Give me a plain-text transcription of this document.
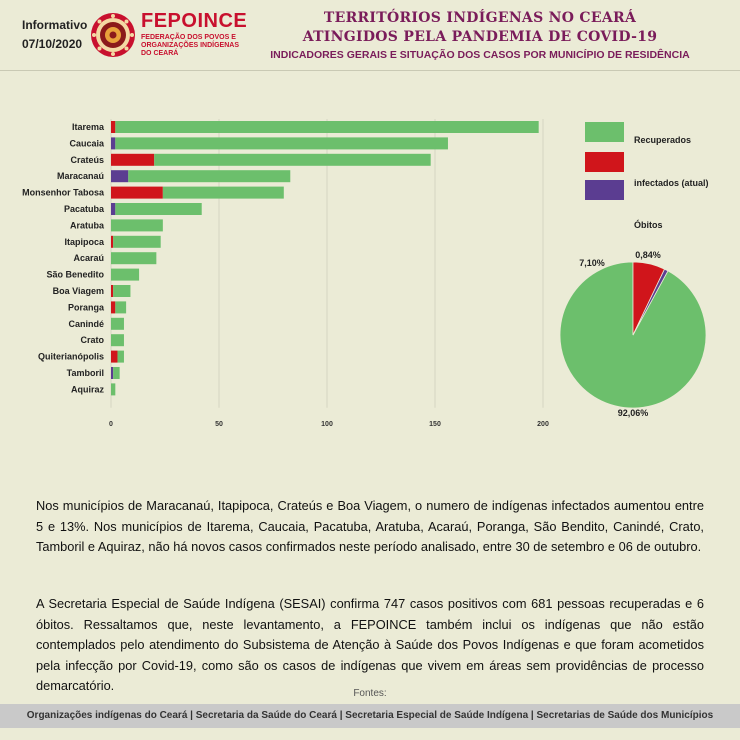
Informativo
07/10/2020
FEPOINCE
FEDERAÇÃO DOS POVOS E ORGANIZAÇÕES INDÍGENAS DO CEARÁ
TERRITÓRIOS INDÍGENAS NO CEARÁ
ATINGIDOS PELA PANDEMIA DE COVID-19
INDICADORES GERAIS E SITUAÇÃO DOS CASOS POR MUNICÍPIO DE RESIDÊNCIA
0	50	100	150	200
Itarema
Caucaia
Crateús
Maracanaú
Monsenhor Tabosa
Pacatuba
Aratuba
Itapipoca
Acaraú
São Benedito
Boa Viagem
Poranga
Canindé
Crato
Quiterianópolis
Tamboril
Aquiraz
Recuperados
infectados (atual)
Óbitos
92,06%
7,10%
0,84%
Nos municípios de Maracanaú, Itapipoca, Crateús e Boa Viagem, o numero de indígenas infectados aumentou entre 5 e 13%. Nos municípios de Itarema, Caucaia, Pacatuba, Aratuba, Acaraú, Poranga, São Bendito, Canindé, Crato, Tamboril e Aquiraz, não há novos casos confirmados neste período analisado, entre 30 de setembro e 06 de outubro.
A Secretaria Especial de Saúde Indígena (SESAI) confirma 747 casos positivos com 681 pessoas recuperadas e 6 óbitos. Ressaltamos que, neste levantamento, a FEPOINCE também inclui os indígenas que não estão contemplados pelo atendimento do Subsistema de Atenção à Saúde dos Povos Indígenas e que foram acometidos pela infecção por Covid-19, como são os casos de indígenas que vivem em áreas sem providências de processo demarcatório.
Fontes:
Organizações indígenas do Ceará | Secretaria da Saúde do Ceará | Secretaria Especial de Saúde Indígena | Secretarias de Saúde dos Municípios
